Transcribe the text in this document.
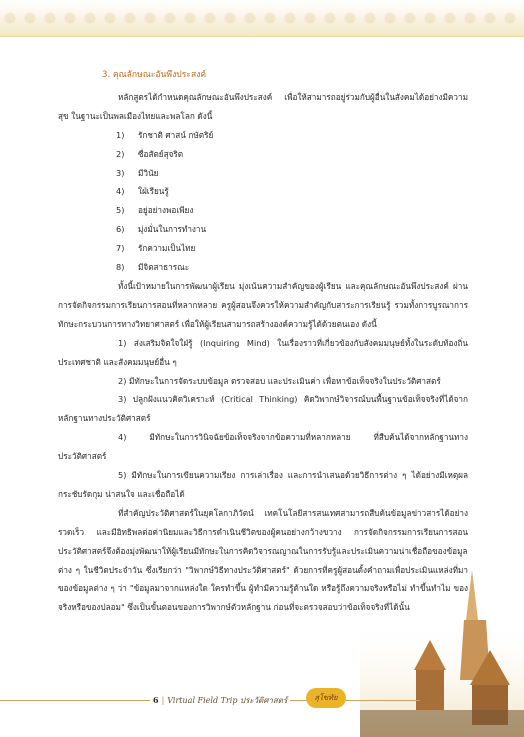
3. คุณลักษณะอันพึงประสงค์

หลักสูตรได้กำหนดคุณลักษณะอันพึงประสงค์ เพื่อให้สามารถอยู่ร่วมกับผู้อื่นในสังคมได้อย่างมีความสุข ในฐานะเป็นพลเมืองไทยและพลโลก ดังนี้

1)	รักชาติ ศาสน์ กษัตริย์
2)	ซื่อสัตย์สุจริต
3)	มีวินัย
4)	ใฝ่เรียนรู้
5)	อยู่อย่างพอเพียง
6)	มุ่งมั่นในการทำงาน
7)	รักความเป็นไทย
8)	มีจิตสาธารณะ

ทั้งนี้เป้าหมายในการพัฒนาผู้เรียน มุ่งเน้นความสำคัญของผู้เรียน และคุณลักษณะอันพึงประสงค์ ผ่านการจัดกิจกรรมการเรียนการสอนที่หลากหลาย ครูผู้สอนจึงควรให้ความสำคัญกับสาระการเรียนรู้ รวมทั้งการบูรณาการทักษะกระบวนการทางวิทยาศาสตร์ เพื่อให้ผู้เรียนสามารถสร้างองค์ความรู้ได้ด้วยตนเอง ดังนี้

1) ส่งเสริมจิตใจใฝ่รู้ (Inquiring Mind) ในเรื่องราวที่เกี่ยวข้องกับสังคมมนุษย์ทั้งในระดับท้องถิ่น ประเทศชาติ และสังคมมนุษย์อื่น ๆ

2) มีทักษะในการจัดระบบข้อมูล ตรวจสอบ และประเมินค่า เพื่อหาข้อเท็จจริงในประวัติศาสตร์

3) ปลูกฝังแนวคิดวิเคราะห์ (Critical Thinking) คิดวิพากษ์วิจารณ์บนพื้นฐานข้อเท็จจริงที่ได้จากหลักฐานทางประวัติศาสตร์

4)	มีทักษะในการวินิจฉัยข้อเท็จจริงจากข้อความที่หลากหลาย ที่สืบค้นได้จากหลักฐานทางประวัติศาสตร์

5) มีทักษะในการเขียนความเรียง การเล่าเรื่อง และการนำเสนอด้วยวิธีการต่าง ๆ ได้อย่างมีเหตุผล กระชับรัดกุม น่าสนใจ และเชื่อถือได้

ที่สำคัญประวัติศาสตร์ในยุคโลกาภิวัตน์ เทคโนโลยีสารสนเทศสามารถสืบค้นข้อมูลข่าวสารได้อย่างรวดเร็ว และมีอิทธิพลต่อค่านิยมและวิธีการดำเนินชีวิตของผู้คนอย่างกว้างขวาง การจัดกิจกรรมการเรียนการสอนประวัติศาสตร์จึงต้องมุ่งพัฒนาให้ผู้เรียนมีทักษะในการคิดวิจารณญาณในการรับรู้และประเมินความน่าเชื่อถือของข้อมูลต่าง ๆ ในชีวิตประจำวัน ซึ่งเรียกว่า "วิพากษ์วิธีทางประวัติศาสตร์" ด้วยการที่ครูผู้สอนตั้งคำถามเพื่อประเมินแหล่งที่มาของข้อมูลต่าง ๆ ว่า "ข้อมูลมาจากแหล่งใด ใครทำขึ้น ผู้ทำมีความรู้ด้านใด หรือรู้ถึงความจริงหรือไม่ ทำขึ้นทำไม ของจริงหรือของปลอม" ซึ่งเป็นขั้นตอนของการวิพากษ์ตัวหลักฐาน ก่อนที่จะตรวจสอบว่าข้อเท็จจริงที่ได้นั้น

6 | Virtual Field Trip ประวัติศาสตร์	สุโขทัย
